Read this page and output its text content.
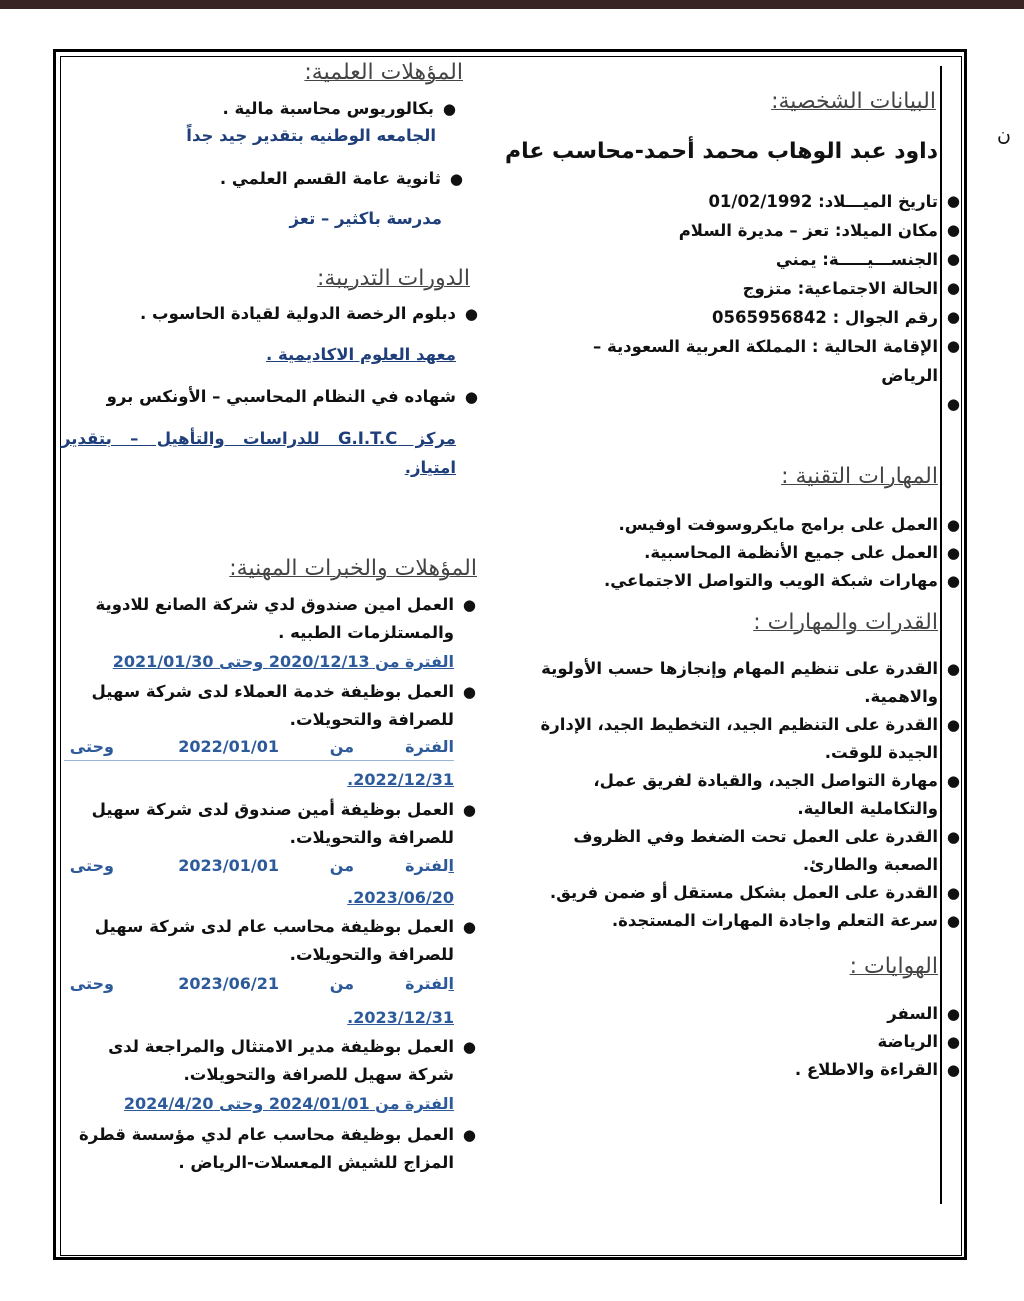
ن
البيانات الشخصية:
داود عبد الوهاب محمد أحمد-محاسب عام
●
تاريخ الميـــلاد: 01/02/1992
●
مكان الميلاد: تعز – مديرة السلام
●
الجنســـيـــــة: يمني
●
الحالة الاجتماعية: متزوج
●
رقم الجوال : 0565956842
●
الإقامة الحالية : المملكة العربية السعودية – الرياض
●

المهارات التقنية :
●
العمل على برامج مايكروسوفت اوفيس.
●
العمل على جميع الأنظمة المحاسبية.
●
مهارات شبكة الويب والتواصل الاجتماعي.
القدرات والمهارات :
●
القدرة على تنظيم المهام وإنجازها حسب الأولوية والاهمية.
●
القدرة على التنظيم الجيد، التخطيط الجيد، الإدارة الجيدة للوقت.
●
مهارة التواصل الجيد، والقيادة لفريق عمل، والتكاملية العالية.
●
القدرة على العمل تحت الضغط وفي الظروف الصعبة والطارئ.
●
القدرة على العمل بشكل مستقل أو ضمن فريق.
●
سرعة التعلم واجادة المهارات المستجدة.
الهوايات :
●
السفر
●
الرياضة
●
القراءة والاطلاع .
المؤهلات العلمية:
●
بكالوريوس محاسبة مالية .
الجامعه الوطنيه بتقدير جيد جداً
●
ثانوية عامة القسم العلمي .
مدرسة باكثير – تعز
الدورات التدريبة:
●
دبلوم الرخصة الدولية لقيادة الحاسوب .
معهد العلوم الاكاديمية .
●
شهاده في النظام المحاسبي – الأونكس برو
مركز G.I.T.C للدراسات والتأهيل – بتقدير
امتياز.
المؤهلات والخبرات المهنية:
●
العمل امين صندوق لدي شركة الصانع للادوية
والمستلزمات الطبيه .
الفترة من 2020/12/13 وحتى 2021/01/30
●
العمل بوظيفة خدمة العملاء لدى شركة سهيل
للصرافة والتحويلات.
الفترة
من
2022/01/01
وحتى

2022/12/31.
●
العمل بوظيفة أمين صندوق لدى شركة سهيل
للصرافة والتحويلات.
الفترة
من
2023/01/01
وحتى

2023/06/20.
●
العمل بوظيفة محاسب عام لدى شركة سهيل
للصرافة والتحويلات.
الفترة
من
2023/06/21
وحتى

2023/12/31.
●
العمل بوظيفة مدير الامتثال والمراجعة لدى
شركة سهيل للصرافة والتحويلات.
الفترة من 2024/01/01 وحتى 2024/4/20
●
العمل بوظيفة محاسب عام لدي مؤسسة قطرة
المزاج للشيش المعسلات-الرياض .
